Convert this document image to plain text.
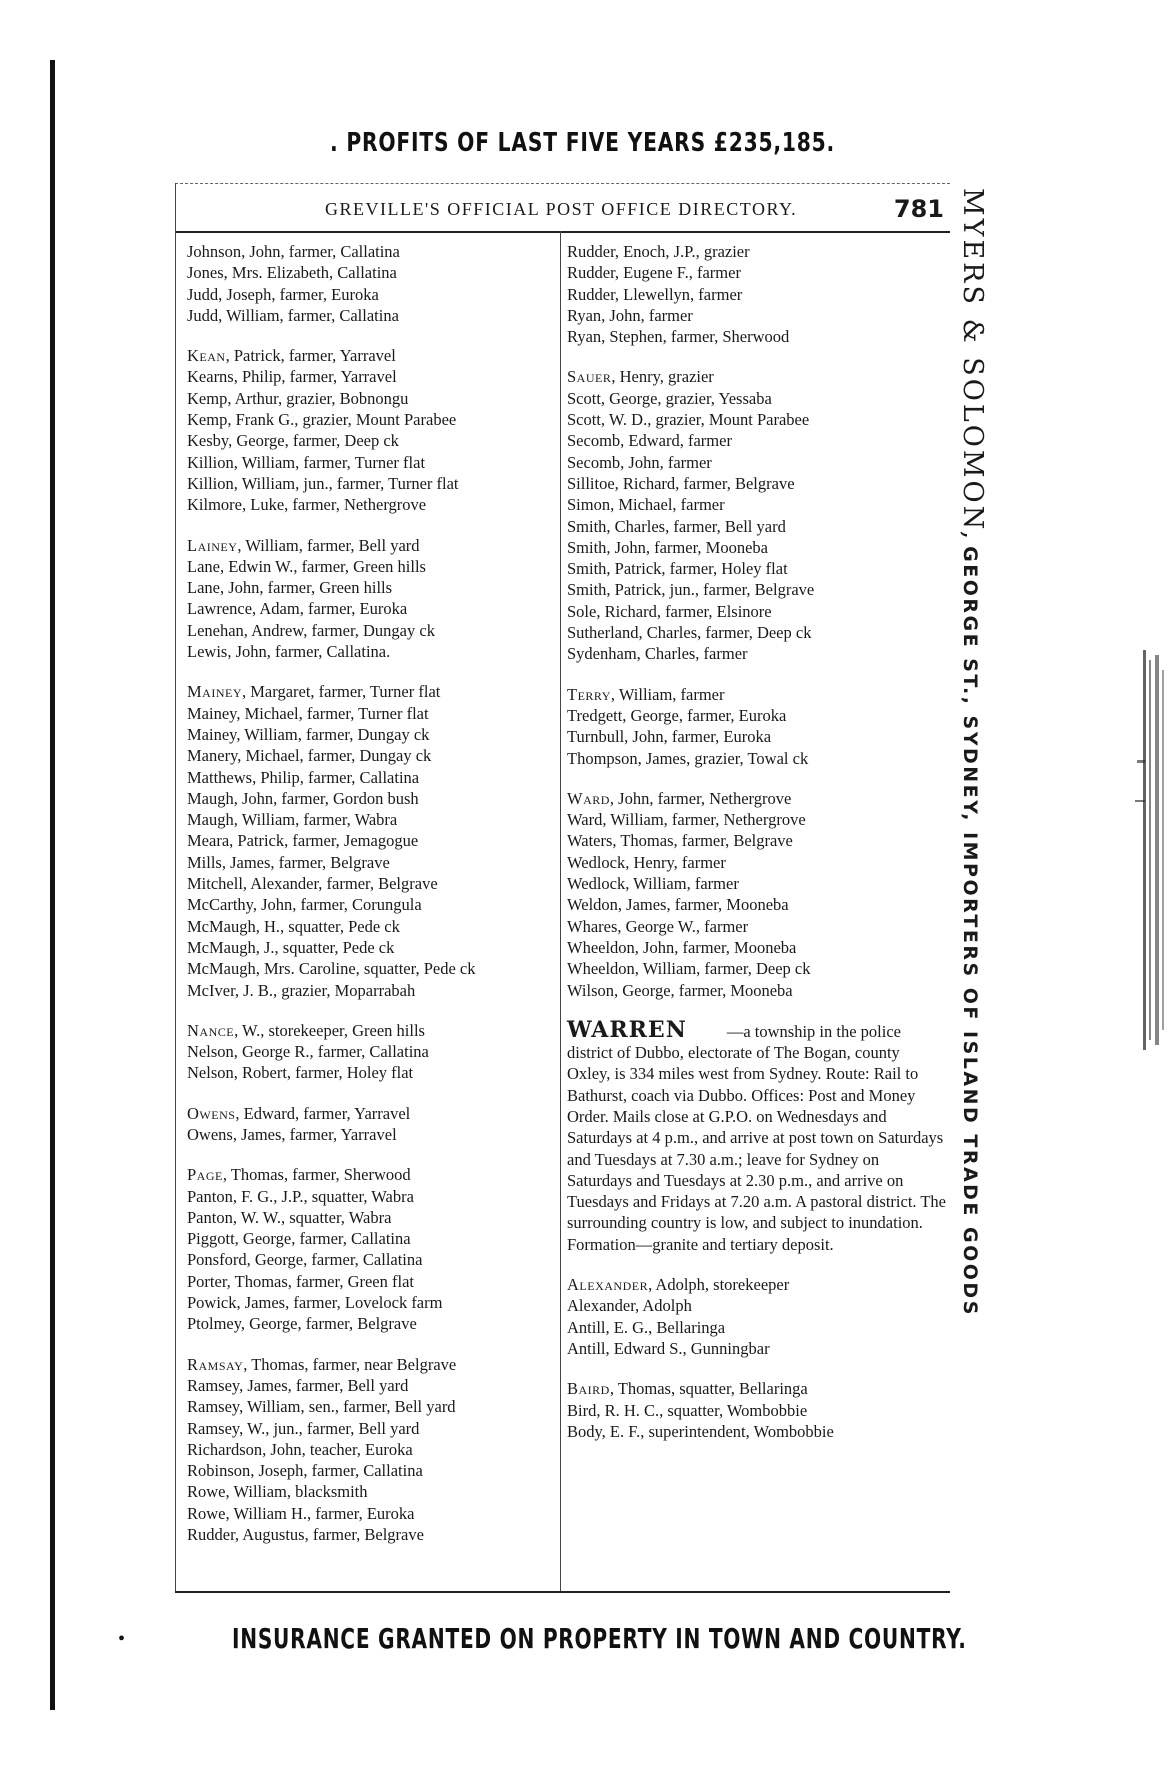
. PROFITS OF LAST FIVE YEARS £235,185.
GREVILLE'S OFFICIAL POST OFFICE DIRECTORY.	781

Johnson, John, farmer, Callatina

Jones, Mrs. Elizabeth, Callatina

Judd, Joseph, farmer, Euroka

Judd, William, farmer, Callatina

Kean, Patrick, farmer, Yarravel

Kearns, Philip, farmer, Yarravel

Kemp, Arthur, grazier, Bobnongu

Kemp, Frank G., grazier, Mount Parabee

Kesby, George, farmer, Deep ck

Killion, William, farmer, Turner flat

Killion, William, jun., farmer, Turner flat

Kilmore, Luke, farmer, Nethergrove

Lainey, William, farmer, Bell yard

Lane, Edwin W., farmer, Green hills

Lane, John, farmer, Green hills

Lawrence, Adam, farmer, Euroka

Lenehan, Andrew, farmer, Dungay ck

Lewis, John, farmer, Callatina.

Mainey, Margaret, farmer, Turner flat

Mainey, Michael, farmer, Turner flat

Mainey, William, farmer, Dungay ck

Manery, Michael, farmer, Dungay ck

Matthews, Philip, farmer, Callatina

Maugh, John, farmer, Gordon bush

Maugh, William, farmer, Wabra

Meara, Patrick, farmer, Jemagogue

Mills, James, farmer, Belgrave

Mitchell, Alexander, farmer, Belgrave

McCarthy, John, farmer, Corungula

McMaugh, H., squatter, Pede ck

McMaugh, J., squatter, Pede ck

McMaugh, Mrs. Caroline, squatter, Pede ck

McIver, J. B., grazier, Moparrabah

Nance, W., storekeeper, Green hills

Nelson, George R., farmer, Callatina

Nelson, Robert, farmer, Holey flat

Owens, Edward, farmer, Yarravel

Owens, James, farmer, Yarravel

Page, Thomas, farmer, Sherwood

Panton, F. G., J.P., squatter, Wabra

Panton, W. W., squatter, Wabra

Piggott, George, farmer, Callatina

Ponsford, George, farmer, Callatina

Porter, Thomas, farmer, Green flat

Powick, James, farmer, Lovelock farm

Ptolmey, George, farmer, Belgrave

Ramsay, Thomas, farmer, near Belgrave

Ramsey, James, farmer, Bell yard

Ramsey, William, sen., farmer, Bell yard

Ramsey, W., jun., farmer, Bell yard

Richardson, John, teacher, Euroka

Robinson, Joseph, farmer, Callatina

Rowe, William, blacksmith

Rowe, William H., farmer, Euroka

Rudder, Augustus, farmer, Belgrave

Rudder, Enoch, J.P., grazier

Rudder, Eugene F., farmer

Rudder, Llewellyn, farmer

Ryan, John, farmer

Ryan, Stephen, farmer, Sherwood

Sauer, Henry, grazier

Scott, George, grazier, Yessaba

Scott, W. D., grazier, Mount Parabee

Secomb, Edward, farmer

Secomb, John, farmer

Sillitoe, Richard, farmer, Belgrave

Simon, Michael, farmer

Smith, Charles, farmer, Bell yard

Smith, John, farmer, Mooneba

Smith, Patrick, farmer, Holey flat

Smith, Patrick, jun., farmer, Belgrave

Sole, Richard, farmer, Elsinore

Sutherland, Charles, farmer, Deep ck

Sydenham, Charles, farmer

Terry, William, farmer

Tredgett, George, farmer, Euroka

Turnbull, John, farmer, Euroka

Thompson, James, grazier, Towal ck

Ward, John, farmer, Nethergrove

Ward, William, farmer, Nethergrove

Waters, Thomas, farmer, Belgrave

Wedlock, Henry, farmer

Wedlock, William, farmer

Weldon, James, farmer, Mooneba

Whares, George W., farmer

Wheeldon, John, farmer, Mooneba

Wheeldon, William, farmer, Deep ck

Wilson, George, farmer, Mooneba

WARREN —a township in the police district of Dubbo, electorate of The Bogan, county Oxley, is 334 miles west from Sydney. Route: Rail to Bathurst, coach via Dubbo. Offices: Post and Money Order. Mails close at G.P.O. on Wednesdays and Saturdays at 4 p.m., and arrive at post town on Saturdays and Tuesdays at 7.30 a.m.; leave for Sydney on Saturdays and Tuesdays at 2.30 p.m., and arrive on Tuesdays and Fridays at 7.20 a.m. A pastoral district. The surrounding country is low, and subject to inundation. Formation—granite and tertiary deposit.

Alexander, Adolph, storekeeper

Alexander, Adolph

Antill, E. G., Bellaringa

Antill, Edward S., Gunningbar

Baird, Thomas, squatter, Bellaringa

Bird, R. H. C., squatter, Wombobbie

Body, E. F., superintendent, Wombobbie

MYERS & SOLOMON, GEORGE ST., SYDNEY, IMPORTERS OF ISLAND TRADE GOODS
•	INSURANCE GRANTED ON PROPERTY IN TOWN AND COUNTRY.
